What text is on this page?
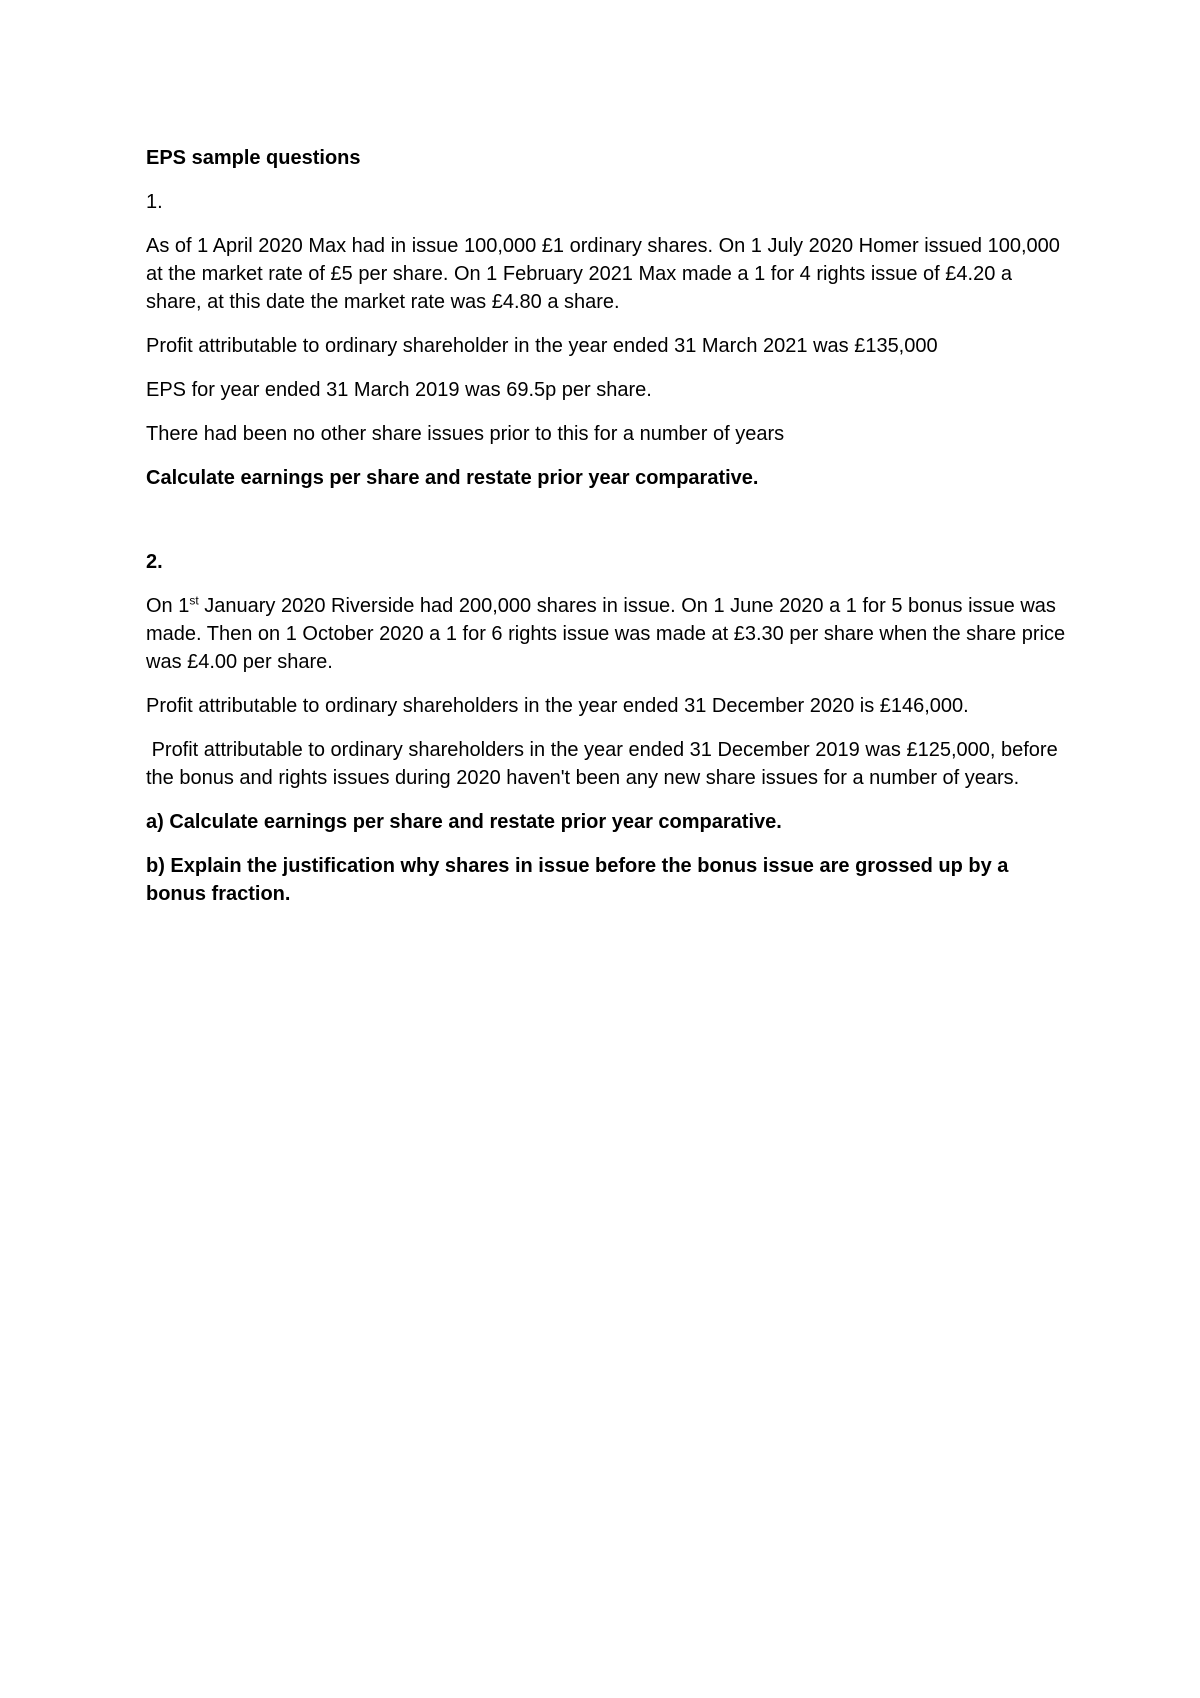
EPS sample questions

1.

As of 1 April 2020 Max had in issue 100,000 £1 ordinary shares. On 1 July 2020 Homer issued 100,000 at the market rate of £5 per share. On 1 February 2021 Max made a 1 for 4 rights issue of £4.20 a share, at this date the market rate was £4.80 a share.

Profit attributable to ordinary shareholder in the year ended 31 March 2021 was £135,000

EPS for year ended 31 March 2019 was 69.5p per share.

There had been no other share issues prior to this for a number of years

Calculate earnings per share and restate prior year comparative.

2.

On 1st January 2020 Riverside had 200,000 shares in issue. On 1 June 2020 a 1 for 5 bonus issue was made. Then on 1 October 2020 a 1 for 6 rights issue was made at £3.30 per share when the share price was £4.00 per share.

Profit attributable to ordinary shareholders in the year ended 31 December 2020 is £146,000.

Profit attributable to ordinary shareholders in the year ended 31 December 2019 was £125,000, before the bonus and rights issues during 2020 haven't been any new share issues for a number of years.

a) Calculate earnings per share and restate prior year comparative.

b) Explain the justification why shares in issue before the bonus issue are grossed up by a bonus fraction.
